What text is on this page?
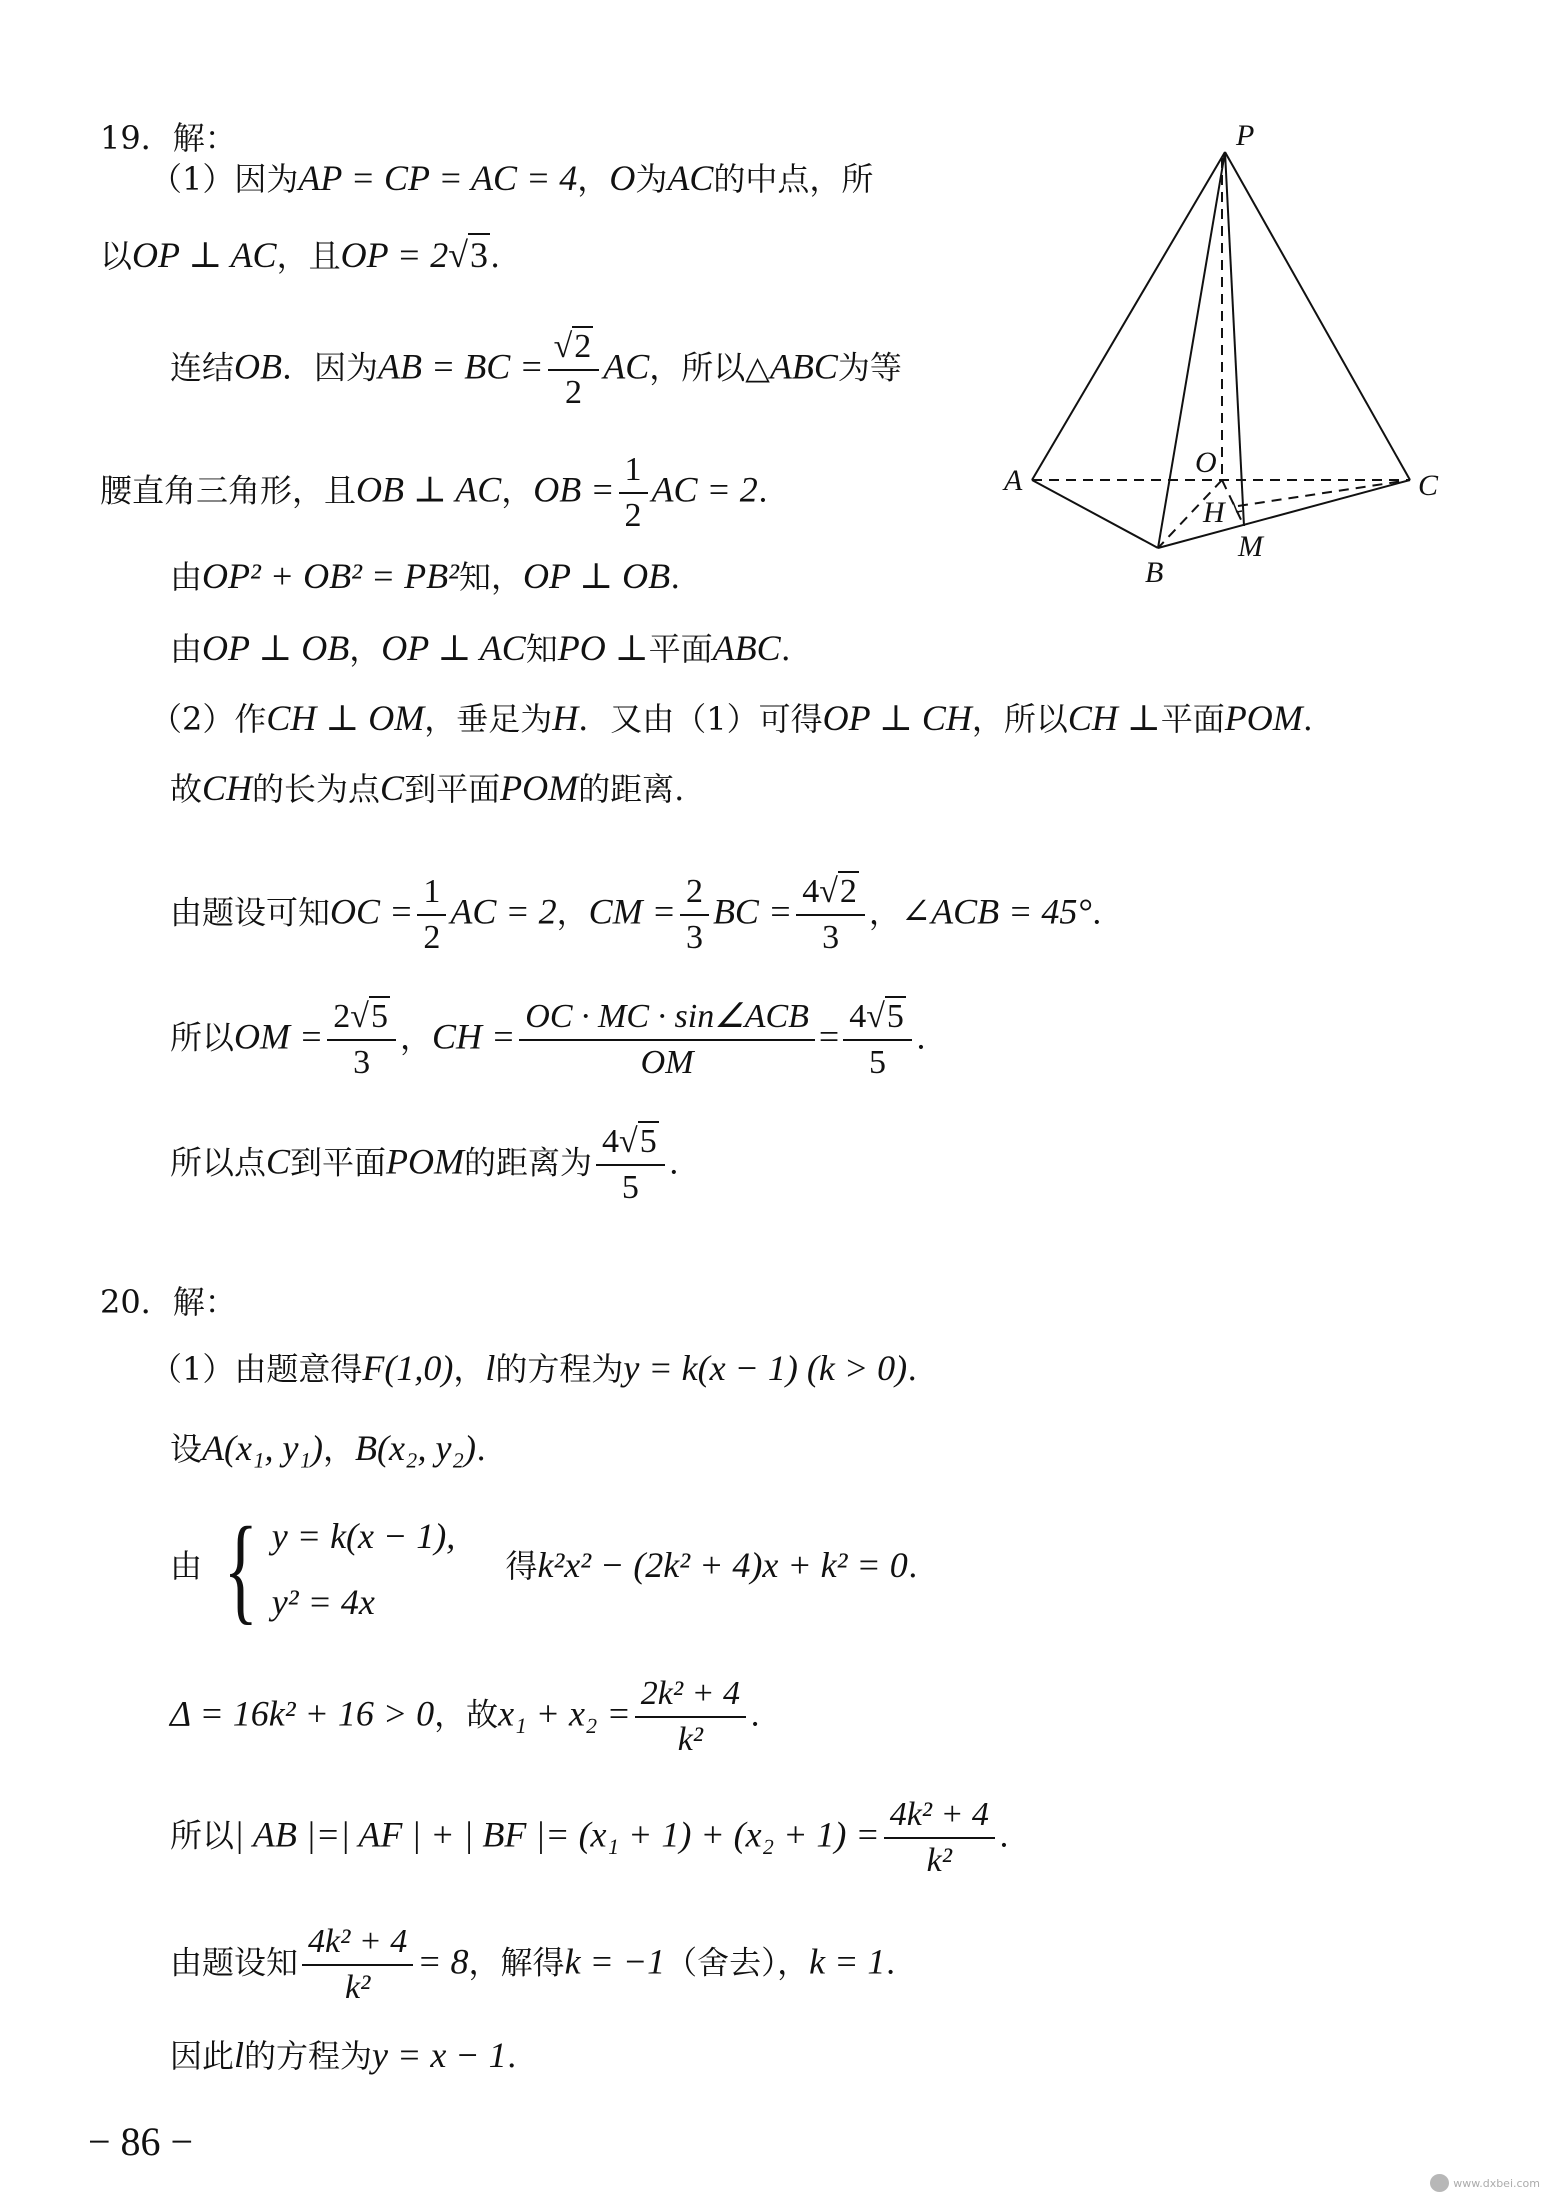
19．解：
（1）因为AP = CP = AC = 4，O为AC的中点，所
以OP ⊥ AC，且OP = 2√3.
连结OB．因为AB = BC = $\frac{√2}{2}$ AC，所以△ABC为等
腰直角三角形，且OB ⊥ AC，OB = $\frac{1}{2}$ AC = 2.
由OP² + OB² = PB²知，OP ⊥ OB.
由OP ⊥ OB，OP ⊥ AC知PO ⊥平面ABC.
（2）作CH ⊥ OM，垂足为H．又由（1）可得OP ⊥ CH，所以CH ⊥平面POM.
故CH的长为点C到平面POM的距离.
由题设可知OC = $\frac{1}{2}$ AC = 2，CM = $\frac{2}{3}$ BC = $\frac{4√2}{3}$ ，∠ACB = 45°.
所以OM = $\frac{2√5}{3}$ ，CH = $\frac{\text{OC · MC · sin∠ACB}}{OM} = \frac{4√5}{5}$ .
所以点C到平面POM的距离为 $\frac{4√5}{5}$ .
P
A
B
C
O
H
M
20．解：
（1）由题意得F(1,0)，l的方程为y = k(x − 1) (k > 0).
设A(x₁, y₁)，B(x₂, y₂).
由 { y = k(x − 1),
y² = 4x
得k²x² − (2k² + 4)x + k² = 0.
Δ = 16k² + 16 > 0，故$x_1 + x_2 = \frac{\text{2k² + 4}}{\text{k²}}$ .
所以| AB |=| AF | + | BF |= $(x_1 + 1) + (x_2 + 1) = \frac{\text{4k² + 4}}{\text{k²}}$ .
由题设知 $\frac{\text{4k² + 4}}{\text{k²}} = 8$，解得k = −1（舍去），k = 1.
因此l的方程为y = x − 1.
− 86 −
www.dxbei.com
